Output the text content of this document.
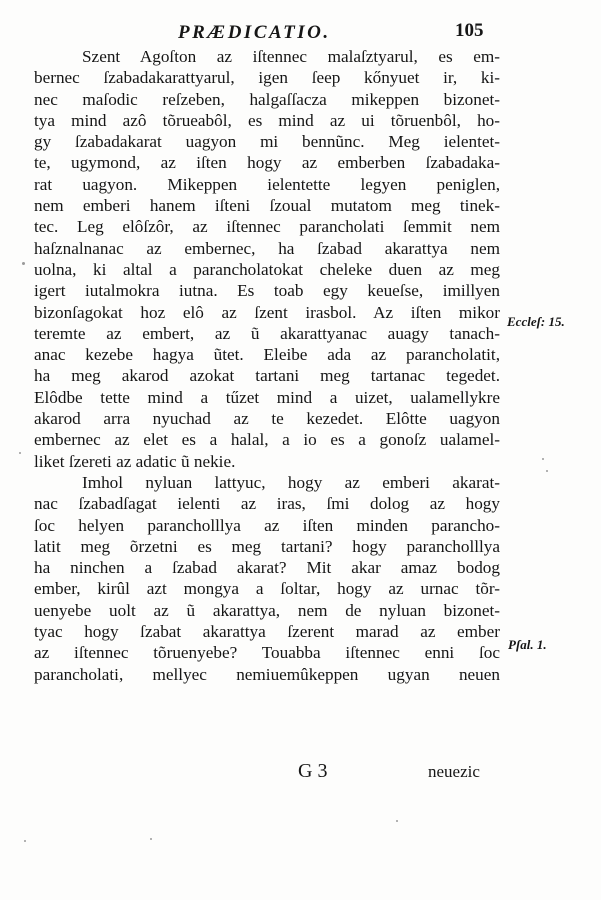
PRÆDICATIO.	105
Szent Agoſton az iſtennec malaſztyarul, es em-
bernec ſzabadakarattyarul, igen ſeep kőnyuet ir, ki-
nec maſodic reſzeben, halgaſſacza mikeppen bizonet-
tya mind azô tõrueabôl, es mind az ui tõruenbôl, ho-
gy ſzabadakarat uagyon mi bennũnc. Meg ielentet-
te, ugymond, az iſten hogy az emberben ſzabadaka-
rat uagyon. Mikeppen ielentette legyen peniglen,
nem emberi hanem iſteni ſzoual mutatom meg tinek-
tec. Leg elôſzôr, az iſtennec parancholati ſemmit nem
haſznalnanac az embernec, ha ſzabad akarattya nem
uolna, ki altal a parancholatokat cheleke duen az meg
igert iutalmokra iutna. Es toab egy keueſse, imillyen
bizonſagokat hoz elô az ſzent irasbol. Az iſten mikor
teremte az embert, az ũ akarattyanac auagy tanach-
anac kezebe hagya ũtet. Eleibe ada az parancholatit,
ha meg akarod azokat tartani meg tartanac tegedet.
Elôdbe tette mind a tűzet mind a uizet, ualamellykre
akarod arra nyuchad az te kezedet. Elôtte uagyon
embernec az elet es a halal, a io es a gonoſz ualamel-
liket ſzereti az adatic ũ nekie.
Imhol nyluan lattyuc, hogy az emberi akarat-
nac ſzabadſagat ielenti az iras, ſmi dolog az hogy
ſoc helyen parancholllya az iſten minden parancho-
latit meg õrzetni es meg tartani? hogy parancholllya
ha ninchen a ſzabad akarat? Mit akar amaz bodog
ember, kirûl azt mongya a ſoltar, hogy az urnac tõr-
uenyebe uolt az ũ akarattya, nem de nyluan bizonet-
tyac hogy ſzabat akarattya ſzerent marad az ember
az iſtennec tõruenyebe? Touabba iſtennec enni ſoc
parancholati, mellyec nemiuemûkeppen ugyan neuen
Eccleſ: 15.
Pſal. 1.
G 3	neuezic
